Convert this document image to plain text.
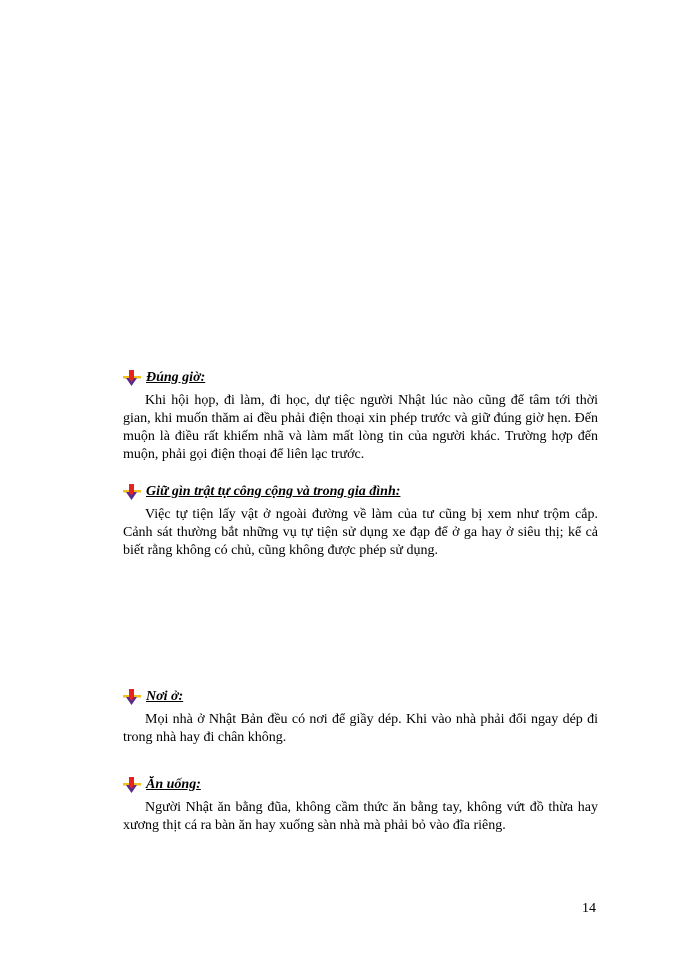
Đúng giờ:

Khi hội họp, đi làm, đi học, dự tiệc người Nhật lúc nào cũng để tâm tới thời gian, khi muốn thăm ai đều phải điện thoại xin phép trước và giữ đúng giờ hẹn. Đến muộn là điều rất khiếm nhã và làm mất lòng tin của người khác. Trường hợp đến muộn, phải gọi điện thoại để liên lạc trước.

Giữ gìn trật tự công cộng và trong gia đình:

Việc tự tiện lấy vật ở ngoài đường về làm của tư cũng bị xem như trộm cắp. Cảnh sát thường bắt những vụ tự tiện sử dụng xe đạp để ở ga hay ở siêu thị; kể cả biết rằng không có chủ, cũng không được phép sử dụng.

Nơi ở:

Mọi nhà ở Nhật Bản đều có nơi để giầy dép. Khi vào nhà phải đổi ngay dép đi trong nhà hay đi chân không.

Ăn uống:

Người Nhật ăn bằng đũa, không cầm thức ăn bằng tay, không vứt đồ thừa hay xương thịt cá ra bàn ăn hay xuống sàn nhà mà phải bỏ vào đĩa riêng.

14
